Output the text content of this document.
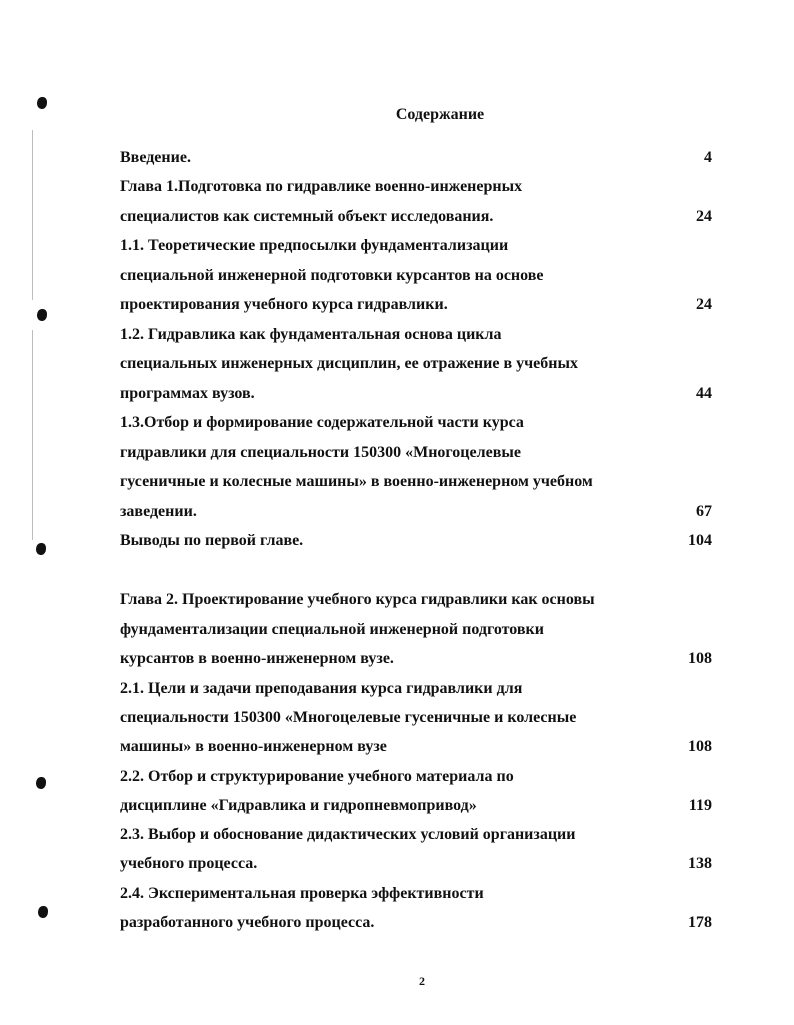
Содержание
Введение.	4
Глава 1.Подготовка по гидравлике военно-инженерных
специалистов как системный объект исследования.	24
1.1. Теоретические предпосылки фундаментализации
специальной инженерной подготовки курсантов на основе
проектирования учебного курса гидравлики.	24
1.2. Гидравлика как фундаментальная основа цикла
специальных инженерных дисциплин, ее отражение в учебных
программах вузов.	44
1.3.Отбор и формирование содержательной части курса
гидравлики для специальности 150300 «Многоцелевые
гусеничные и колесные машины» в военно-инженерном учебном
заведении.	67
Выводы по первой главе.	104
Глава 2. Проектирование учебного курса гидравлики как основы
фундаментализации специальной инженерной подготовки
курсантов в военно-инженерном вузе.	108
2.1. Цели и задачи преподавания курса гидравлики для
специальности 150300 «Многоцелевые гусеничные и колесные
машины» в военно-инженерном вузе	108
2.2. Отбор и структурирование учебного материала по
дисциплине «Гидравлика и гидропневмопривод»	119
2.3. Выбор и обоснование дидактических условий организации
учебного процесса.	138
2.4. Экспериментальная проверка эффективности
разработанного учебного процесса.	178
2
